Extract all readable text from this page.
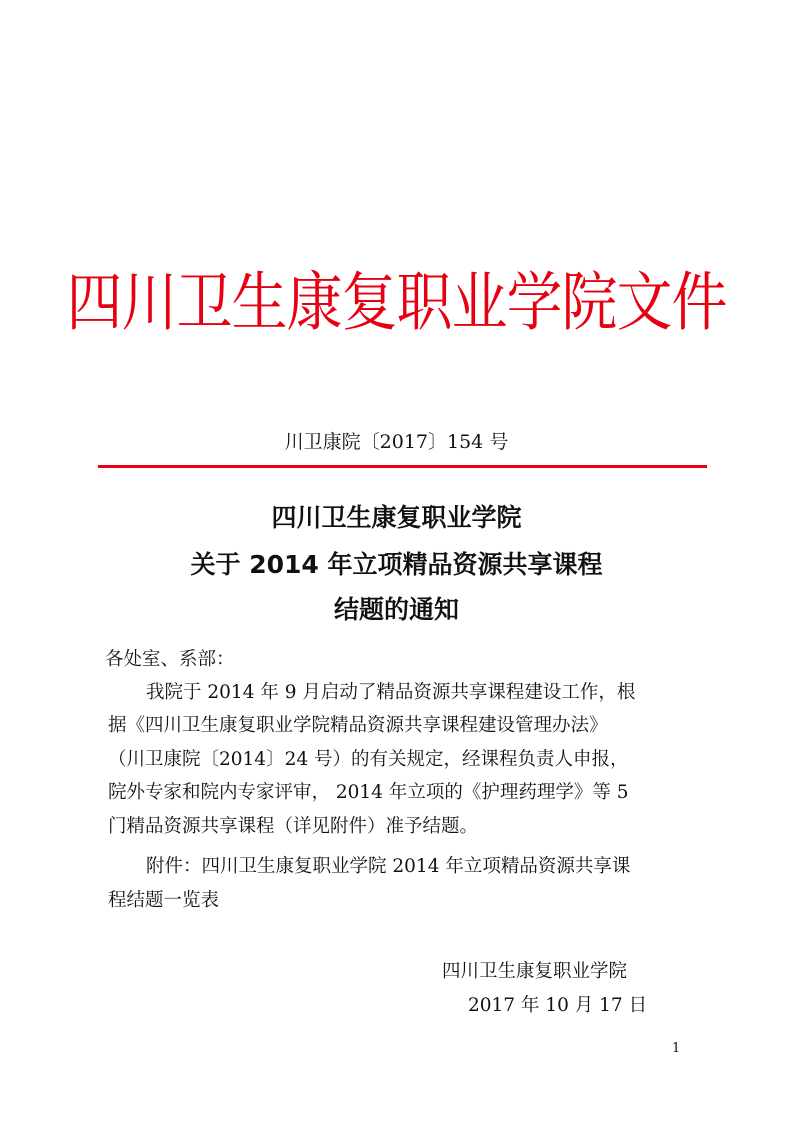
四川卫生康复职业学院文件
川卫康院〔2017〕154 号
四川卫生康复职业学院
关于 2014 年立项精品资源共享课程
结题的通知
各处室、系部：
我院于 2014 年 9 月启动了精品资源共享课程建设工作，根
据《四川卫生康复职业学院精品资源共享课程建设管理办法》
（川卫康院〔2014〕24 号）的有关规定，经课程负责人申报，
院外专家和院内专家评审， 2014 年立项的《护理药理学》等 5
门精品资源共享课程（详见附件）准予结题。
附件：四川卫生康复职业学院 2014 年立项精品资源共享课
程结题一览表
四川卫生康复职业学院
2017 年 10 月 17 日
1
